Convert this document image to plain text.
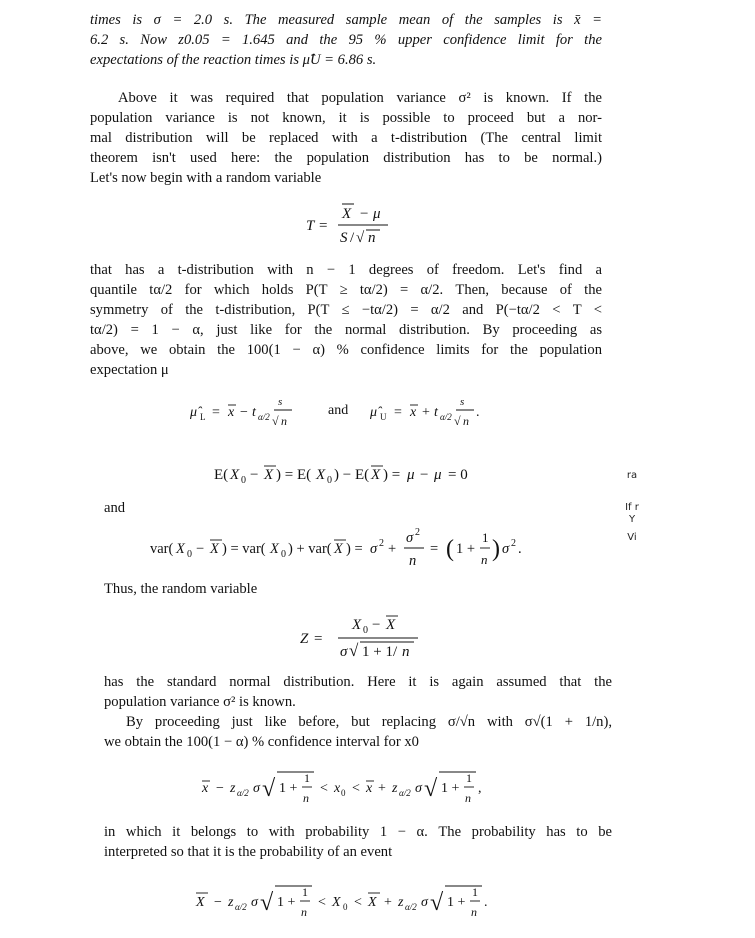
times is σ = 2.0 s. The measured sample mean of the samples is x̄ =
6.2 s. Now z0.05 = 1.645 and the 95 % upper confidence limit for the
expectations of the reaction times is μ̂U = 6.86 s.
Above it was required that population variance σ² is known. If the
population variance is not known, it is possible to proceed but a nor-
mal distribution will be replaced with a t-distribution (The central limit
theorem isn't used here: the population distribution has to be normal.)
Let's now begin with a random variable
T =
X − μ
S / √ n
that has a t-distribution with n − 1 degrees of freedom. Let's find a
quantile tα/2 for which holds P(T ≥ tα/2) = α/2. Then, because of the
symmetry of the t-distribution, P(T ≤ −tα/2) = α/2 and P(−tα/2 < T <
tα/2) = 1 − α, just like for the normal distribution. By proceeding as
above, we obtain the 100(1 − α) % confidence limits for the population
expectation μ
μ̂ L = x − t α/2
s
√ n
and μ̂ U = x + t α/2
s
√ n
.
E( X 0 − X ) = E( X 0 ) − E( X ) = μ − μ = 0
and
var( X 0 − X ) = var( X 0 ) + var( X ) = σ 2 +
σ 2
n
= ( 1 +
1
n ) σ 2 .
Thus, the random variable
Z =
X 0 − X
σ √ 1 + 1/ n
has the standard normal distribution. Here it is again assumed that the
population variance σ² is known.
By proceeding just like before, but replacing σ/√n with σ√(1 + 1/n),
we obtain the 100(1 − α) % confidence interval for x0
x − z α/2 σ √ 1 +
1
n
< x 0 < x + z α/2 σ √ 1 +
1
n
,
in which it belongs to with probability 1 − α. The probability has to be
interpreted so that it is the probability of an event
X − z α/2 σ √ 1 +
1
n
< X 0 < X + z α/2 σ √ 1 +
1
n
.
ra
If r
Y
Vi
